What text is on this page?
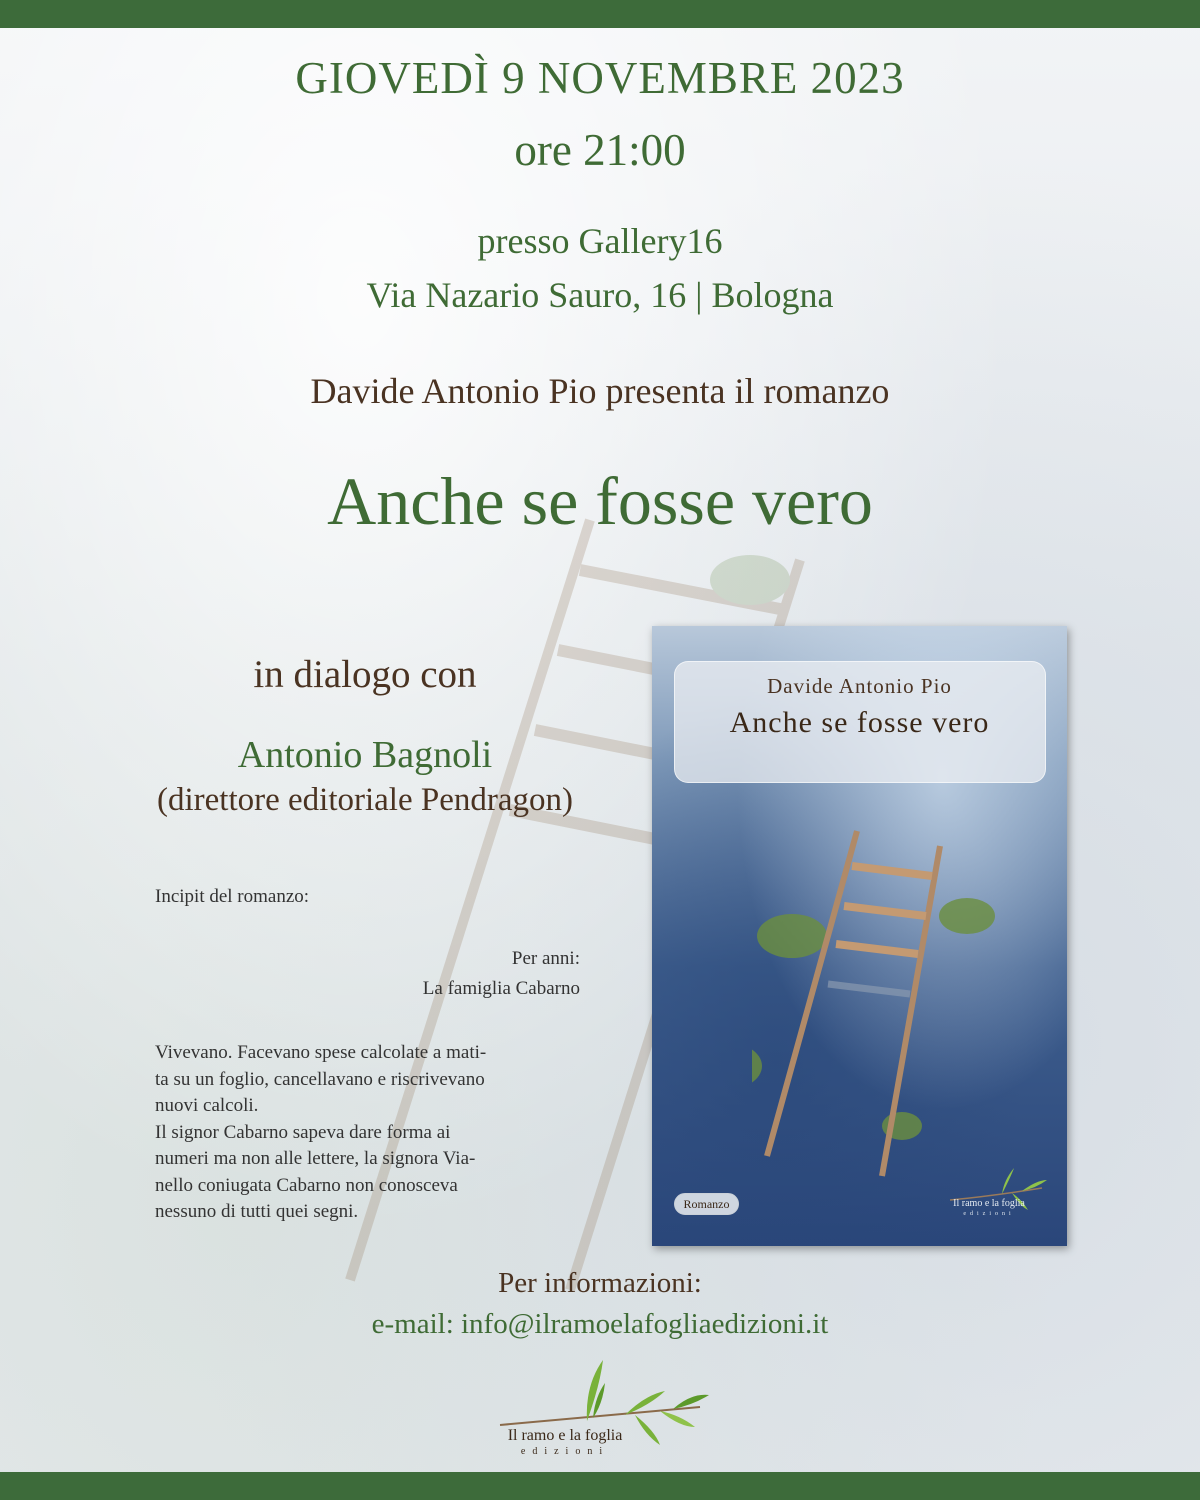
GIOVEDÌ 9 NOVEMBRE 2023
ore 21:00
presso Gallery16
Via Nazario Sauro, 16 | Bologna
Davide Antonio Pio presenta il romanzo
Anche se fosse vero
in dialogo con
Antonio Bagnoli
(direttore editoriale Pendragon)
Incipit del romanzo:
Per anni:
La famiglia Cabarno
Vivevano. Facevano spese calcolate a mati-
ta su un foglio, cancellavano e riscrivevano
nuovi calcoli.
Il signor Cabarno sapeva dare forma ai
numeri ma non alle lettere, la signora Via-
nello coniugata Cabarno non conosceva
nessuno di tutti quei segni.
Davide Antonio Pio
Anche se fosse vero
Romanzo	Il ramo e la foglia
edizioni
Per informazioni:
e-mail: info@ilramoelafogliaedizioni.it
Il ramo e la foglia
edizioni
